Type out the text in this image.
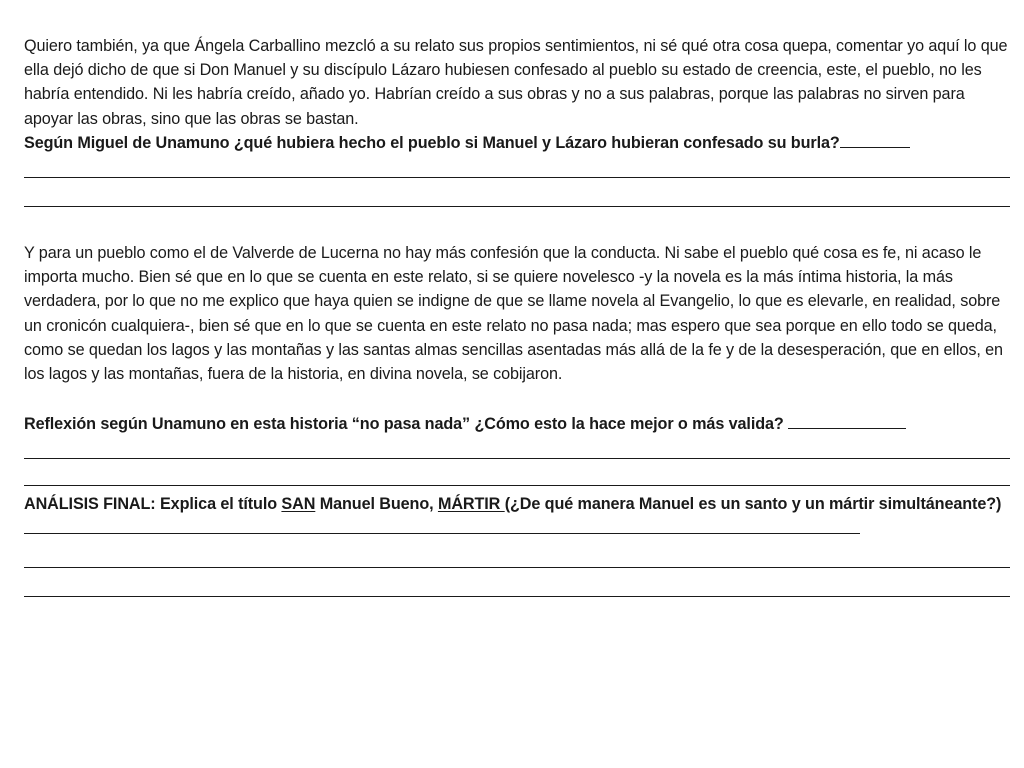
Quiero también, ya que Ángela Carballino mezcló a su relato sus propios sentimientos, ni sé qué otra cosa quepa, comentar yo aquí lo que ella dejó dicho de que si Don Manuel y su discípulo Lázaro hubiesen confesado al pueblo su estado de creencia, este, el pueblo, no les habría entendido. Ni les habría creído, añado yo. Habrían creído a sus obras y no a sus palabras, porque las palabras no sirven para apoyar las obras, sino que las obras se bastan.

Según Miguel de Unamuno ¿qué hubiera hecho el pueblo si Manuel y Lázaro hubieran confesado su burla?

Y para un pueblo como el de Valverde de Lucerna no hay más confesión que la conducta. Ni sabe el pueblo qué cosa es fe, ni acaso le importa mucho. Bien sé que en lo que se cuenta en este relato, si se quiere novelesco -y la novela es la más íntima historia, la más verdadera, por lo que no me explico que haya quien se indigne de que se llame novela al Evangelio, lo que es elevarle, en realidad, sobre un cronicón cualquiera-, bien sé que en lo que se cuenta en este relato no pasa nada; mas espero que sea porque en ello todo se queda, como se quedan los lagos y las montañas y las santas almas sencillas asentadas más allá de la fe y de la desesperación, que en ellos, en los lagos y las montañas, fuera de la historia, en divina novela, se cobijaron.

Reflexión según Unamuno en esta historia “no pasa nada” ¿Cómo esto la hace mejor o más valida?

ANÁLISIS FINAL: Explica el título SAN Manuel Bueno, MÁRTIR (¿De qué manera Manuel es un santo y un mártir simultáneante?)
